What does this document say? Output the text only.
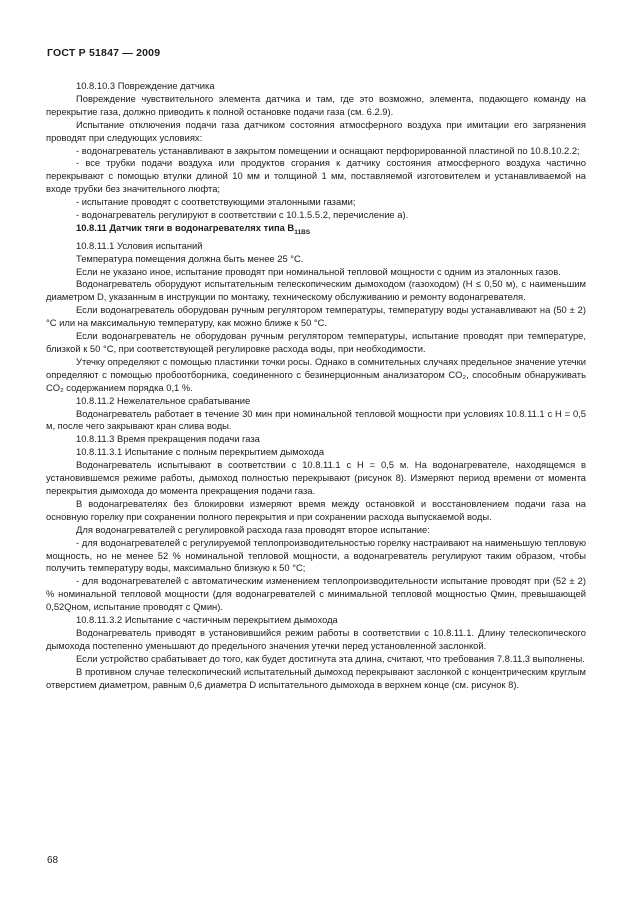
ГОСТ Р 51847 — 2009

10.8.10.3 Повреждение датчика

Повреждение чувствительного элемента датчика и там, где это возможно, элемента, подающего команду на перекрытие газа, должно приводить к полной остановке подачи газа (см. 6.2.9).

Испытание отключения подачи газа датчиком состояния атмосферного воздуха при имитации его загрязнения проводят при следующих условиях:

- водонагреватель устанавливают в закрытом помещении и оснащают перфорированной пластиной по 10.8.10.2.2;

- все трубки подачи воздуха или продуктов сгорания к датчику состояния атмосферного воздуха частично перекрывают с помощью втулки длиной 10 мм и толщиной 1 мм, поставляемой изготовителем и устанавливаемой на входе трубки без значительного люфта;

- испытание проводят с соответствующими эталонными газами;

- водонагреватель регулируют в соответствии с 10.1.5.5.2, перечисление а).

10.8.11 Датчик тяги в водонагревателях типа $B_{11BS}$

10.8.11.1 Условия испытаний

Температура помещения должна быть менее 25 °С.

Если не указано иное, испытание проводят при номинальной тепловой мощности с одним из эталонных газов.

Водонагреватель оборудуют испытательным телескопическим дымоходом (газоходом) (H ≤ 0,50 м), с наименьшим диаметром D, указанным в инструкции по монтажу, техническому обслуживанию и ремонту водонагревателя.

Если водонагреватель оборудован ручным регулятором температуры, температуру воды устанавливают на (50 ± 2) °С или на максимальную температуру, как можно ближе к 50 °С.

Если водонагреватель не оборудован ручным регулятором температуры, испытание проводят при температуре, близкой к 50 °С, при соответствующей регулировке расхода воды, при необходимости.

Утечку определяют с помощью пластинки точки росы. Однако в сомнительных случаях предельное значение утечки определяют с помощью пробоотборника, соединенного с безинерционным анализатором CO₂, способным обнаруживать CO₂ содержанием порядка 0,1 %.

10.8.11.2 Нежелательное срабатывание

Водонагреватель работает в течение 30 мин при номинальной тепловой мощности при условиях 10.8.11.1 с H = 0,5 м, после чего закрывают кран слива воды.

10.8.11.3 Время прекращения подачи газа

10.8.11.3.1 Испытание с полным перекрытием дымохода

Водонагреватель испытывают в соответствии с 10.8.11.1 с H = 0,5 м. На водонагревателе, находящемся в установившемся режиме работы, дымоход полностью перекрывают (рисунок 8). Измеряют период времени от момента перекрытия дымохода до момента прекращения подачи газа.

В водонагревателях без блокировки измеряют время между остановкой и восстановлением подачи газа на основную горелку при сохранении полного перекрытия и при сохранении расхода выпускаемой воды.

Для водонагревателей с регулировкой расхода газа проводят второе испытание:

- для водонагревателей с регулируемой теплопроизводительностью горелку настраивают на наименьшую тепловую мощность, но не менее 52 % номинальной тепловой мощности, а водонагреватель регулируют таким образом, чтобы получить температуру воды, максимально близкую к 50 °С;

- для водонагревателей с автоматическим изменением теплопроизводительности испытание проводят при (52 ± 2) % номинальной тепловой мощности (для водонагревателей с минимальной тепловой мощностью Qмин, превышающей 0,52Qном, испытание проводят с Qмин).

10.8.11.3.2 Испытание с частичным перекрытием дымохода

Водонагреватель приводят в установившийся режим работы в соответствии с 10.8.11.1. Длину телескопического дымохода постепенно уменьшают до предельного значения утечки перед установленной заслонкой.

Если устройство срабатывает до того, как будет достигнута эта длина, считают, что требования 7.8.11.3 выполнены.

В противном случае телескопический испытательный дымоход перекрывают заслонкой с концентрическим круглым отверстием диаметром, равным 0,6 диаметра D испытательного дымохода в верхнем конце (см. рисунок 8).

68
